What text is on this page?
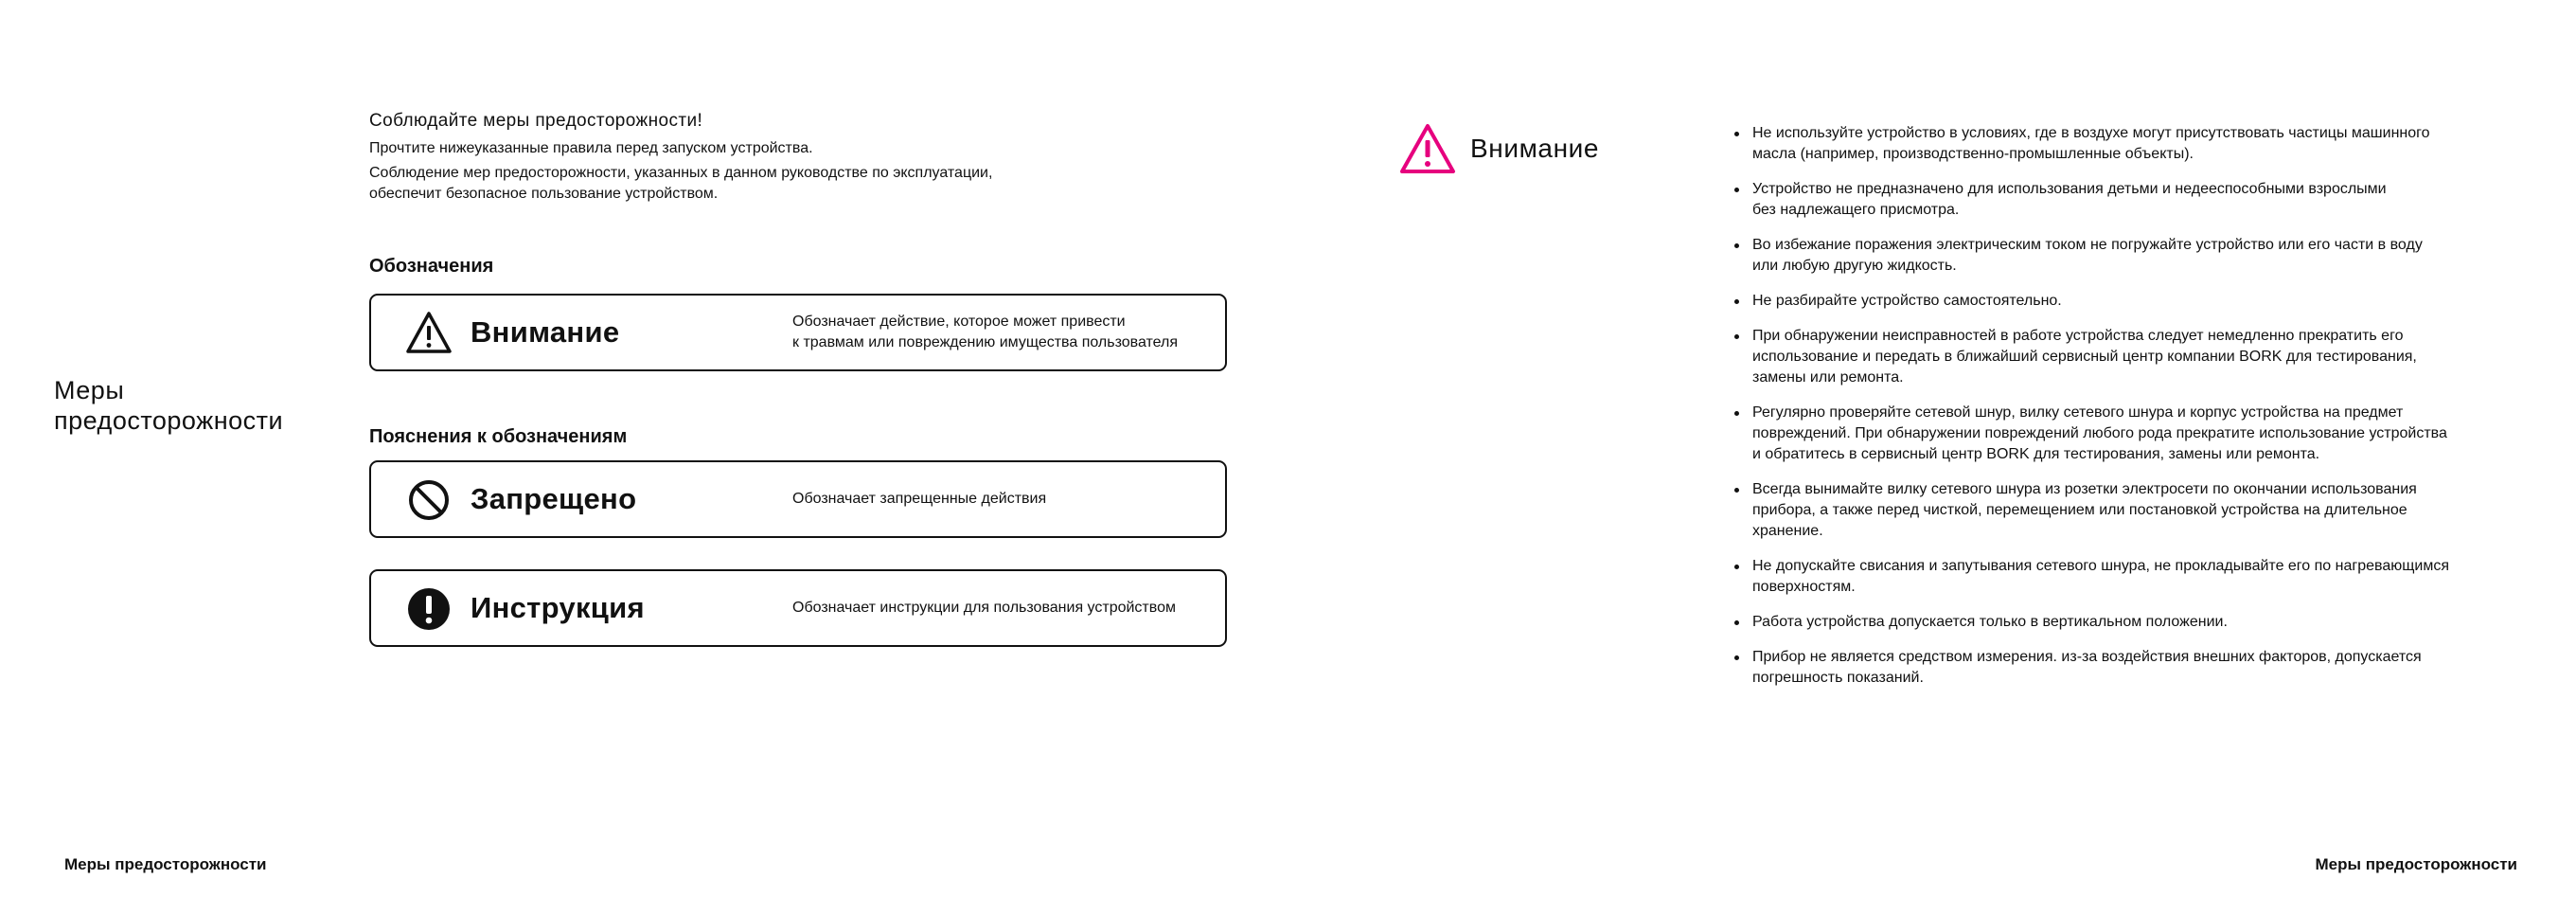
Меры
предосторожности
Соблюдайте меры предосторожности!

Прочтите нижеуказанные правила перед запуском устройства.

Соблюдение мер предосторожности, указанных в данном руководстве по эксплуатации,
обеспечит безопасное пользование устройством.

Обозначения
Внимание	Обозначает действие, которое может привести
к травмам или повреждению имущества пользователя
Пояснения к обозначениям
Запрещено	Обозначает запрещенные действия
Инструкция	Обозначает инструкции для пользования устройством
Меры предосторожности
Внимание
Не используйте устройство в условиях, где в воздухе могут присутствовать частицы машинного
масла (например, производственно-промышленные объекты).
Устройство не предназначено для использования детьми и недееспособными взрослыми
без надлежащего присмотра.
Во избежание поражения электрическим током не погружайте устройство или его части в воду
или любую другую жидкость.
Не разбирайте устройство самостоятельно.
При обнаружении неисправностей в работе устройства следует немедленно прекратить его
использование и передать в ближайший сервисный центр компании BORK для тестирования,
замены или ремонта.
Регулярно проверяйте сетевой шнур, вилку сетевого шнура и корпус устройства на предмет
повреждений. При обнаружении повреждений любого рода прекратите использование устройства
и обратитесь в сервисный центр BORK для тестирования, замены или ремонта.
Всегда вынимайте вилку сетевого шнура из розетки электросети по окончании использования
прибора, а также перед чисткой, перемещением или постановкой устройства на длительное
хранение.
Не допускайте свисания и запутывания сетевого шнура, не прокладывайте его по нагревающимся
поверхностям.
Работа устройства допускается только в вертикальном положении.
Прибор не является средством измерения. из-за воздействия внешних факторов, допускается
погрешность показаний.
Меры предосторожности
